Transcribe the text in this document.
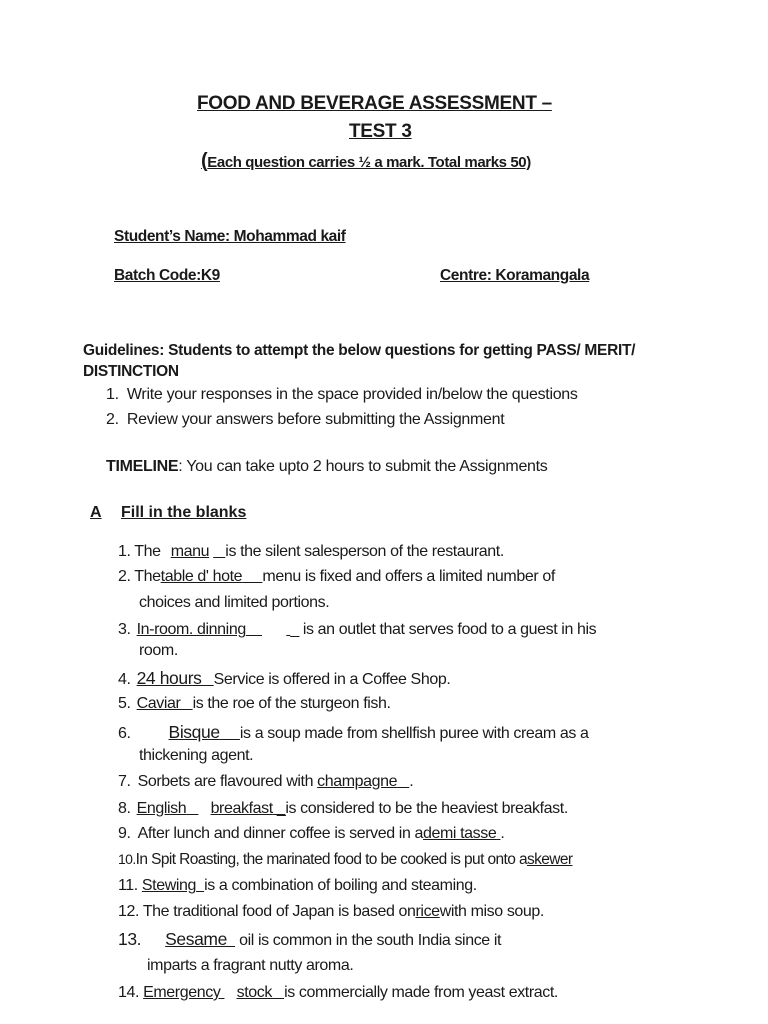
FOOD AND BEVERAGE ASSESSMENT –
TEST 3
(Each question carries ½ a mark. Total marks 50)
Student’s Name: Mohammad kaif
Batch Code:K9	Centre: Koramangala
Guidelines: Students to attempt the below questions for getting PASS/ MERIT/
DISTINCTION
1. Write your responses in the space provided in/below the questions
2. Review your answers before submitting the Assignment
TIMELINE: You can take upto 2 hours to submit the Assignments
A Fill in the blanks
1. The manu is the silent salesperson of the restaurant.
2. Thetable d' hote menu is fixed and offers a limited number of
choices and limited portions.
3. In-room. dinning	_ is an outlet that serves food to a guest in his
room.
4. 24 hours Service is offered in a Coffee Shop.
5. Caviar is the roe of the sturgeon fish.
6. Bisque is a soup made from shellfish puree with cream as a
thickening agent.
7. Sorbets are flavoured with champagne .
8. English breakfast _is considered to be the heaviest breakfast.
9. After lunch and dinner coffee is served in ademi tasse .
10.In Spit Roasting, the marinated food to be cooked is put onto askewer
11. Stewing is a combination of boiling and steaming.
12. The traditional food of Japan is based onricewith miso soup.
13. Sesame oil is common in the south India since it
imparts a fragrant nutty aroma.
14. Emergency stock is commercially made from yeast extract.
